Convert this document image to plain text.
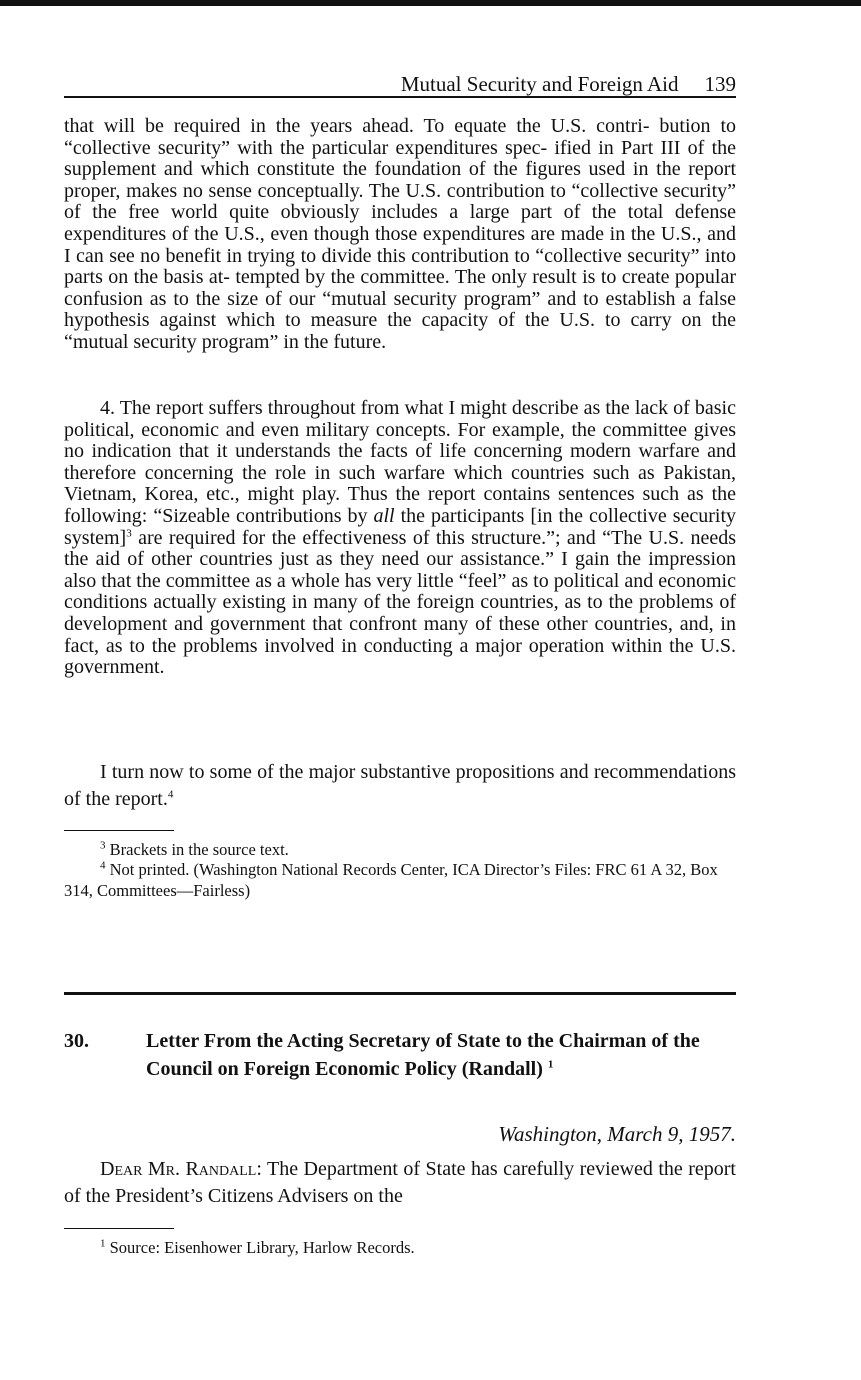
Mutual Security and Foreign Aid 139

that will be required in the years ahead. To equate the U.S. contri- bution to “collective security” with the particular expenditures spec- ified in Part III of the supplement and which constitute the foundation of the figures used in the report proper, makes no sense conceptually. The U.S. contribution to “collective security” of the free world quite obviously includes a large part of the total defense expenditures of the U.S., even though those expenditures are made in the U.S., and I can see no benefit in trying to divide this contribution to “collective security” into parts on the basis at- tempted by the committee. The only result is to create popular confusion as to the size of our “mutual security program” and to establish a false hypothesis against which to measure the capacity of the U.S. to carry on the “mutual security program” in the future.

4. The report suffers throughout from what I might describe as the lack of basic political, economic and even military concepts. For example, the committee gives no indication that it understands the facts of life concerning modern warfare and therefore concerning the role in such warfare which countries such as Pakistan, Vietnam, Korea, etc., might play. Thus the report contains sentences such as the following: “Sizeable contributions by all the participants [in the collective security system]$^3$ are required for the effectiveness of this structure.”; and “The U.S. needs the aid of other countries just as they need our assistance.” I gain the impression also that the committee as a whole has very little “feel” as to political and economic conditions actually existing in many of the foreign countries, as to the problems of development and government that confront many of these other countries, and, in fact, as to the problems involved in conducting a major operation within the U.S. government.

I turn now to some of the major substantive propositions and recommendations of the report.$^4$

$^3$ Brackets in the source text.

$^4$ Not printed. (Washington National Records Center, ICA Director’s Files: FRC 61 A 32, Box 314, Committees—Fairless)

30.	Letter From the Acting Secretary of State to the Chairman of the Council on Foreign Economic Policy (Randall) $^1$
Washington, March 9, 1957.

Dear Mr. Randall: The Department of State has carefully reviewed the report of the President’s Citizens Advisers on the

$^1$ Source: Eisenhower Library, Harlow Records.
